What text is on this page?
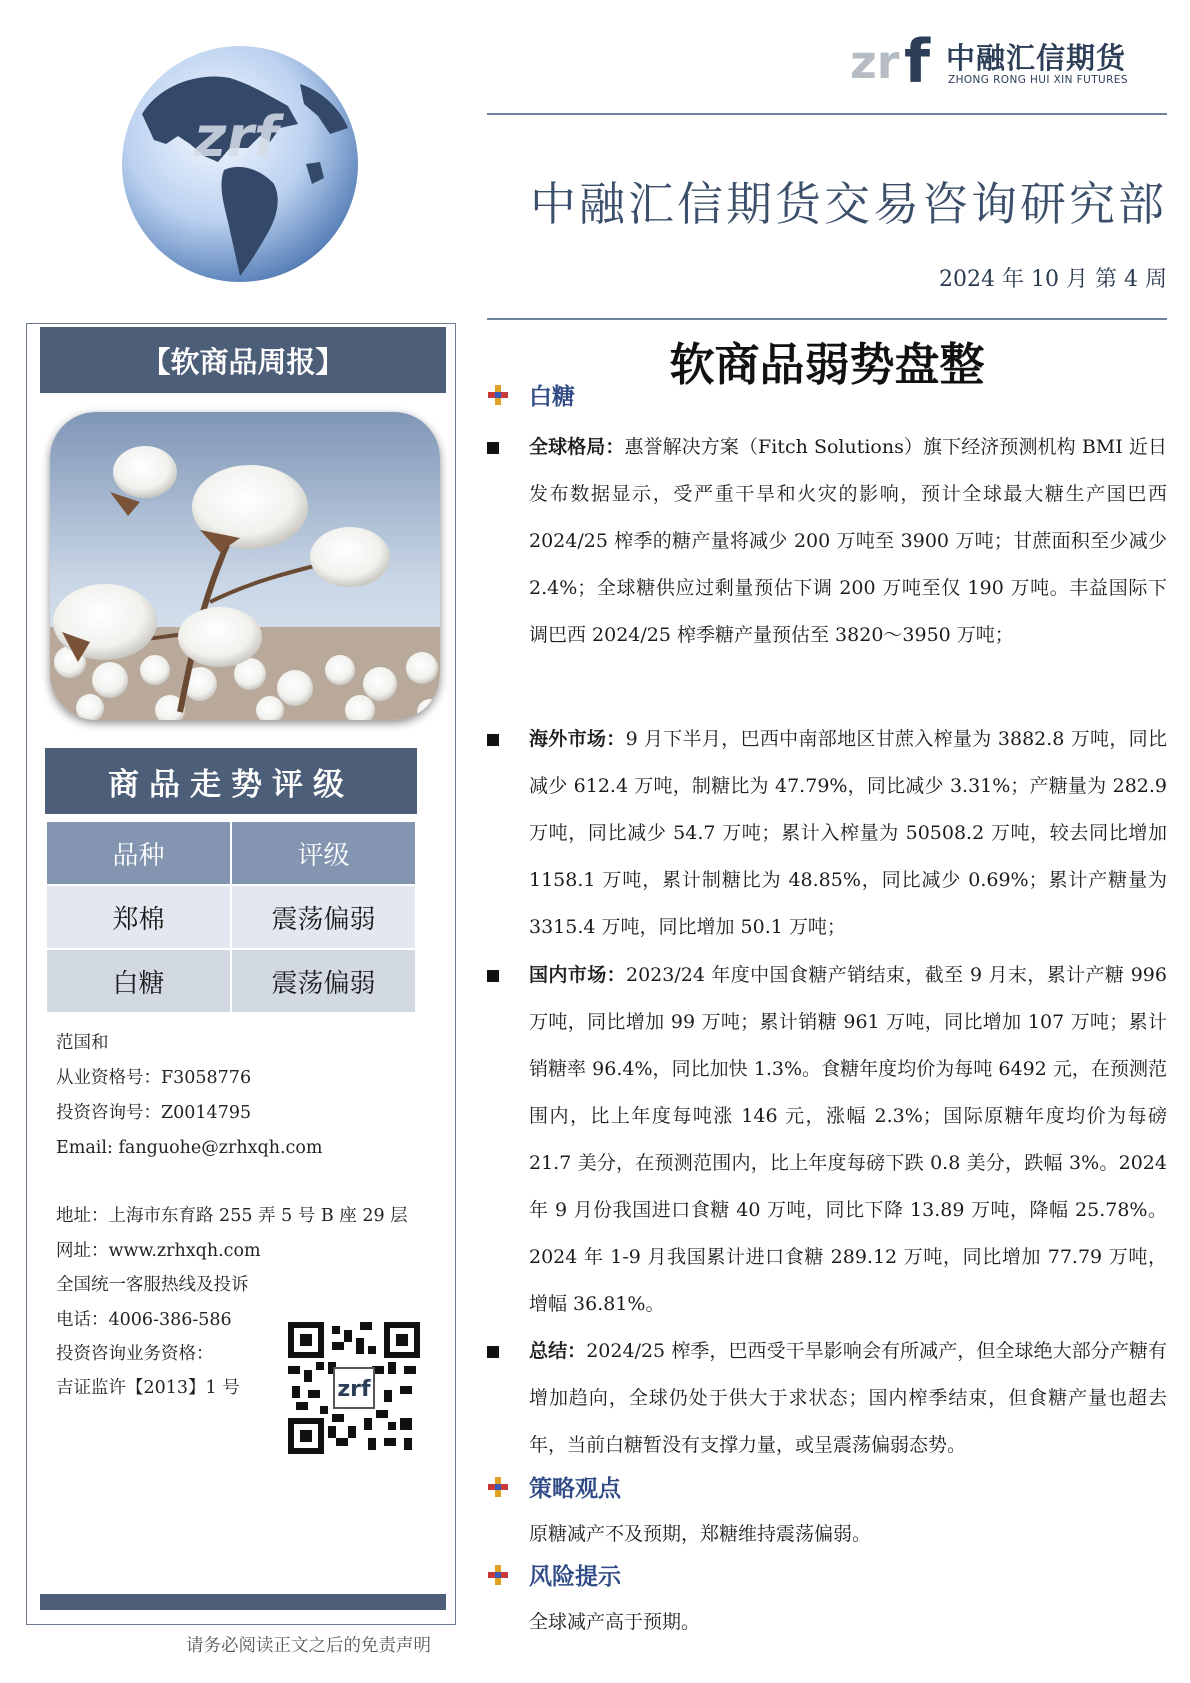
zrf
zr f 中融汇信期货
ZHONG RONG HUI XIN FUTURES
中融汇信期货交易咨询研究部
2024 年 10 月 第 4 周
【软商品周报】
商品走势评级
品种	评级
郑棉	震荡偏弱
白糖	震荡偏弱
范国和
从业资格号：F3058776
投资咨询号：Z0014795
Email: fanguohe@zrhxqh.com
地址：上海市东育路 255 弄 5 号 B 座 29 层
网址：www.zrhxqh.com
全国统一客服热线及投诉
电话：4006-386-586
投资咨询业务资格：
吉证监许【2013】1 号	zrf
请务必阅读正文之后的免责声明
软商品弱势盘整
白糖
全球格局：惠誉解决方案（Fitch Solutions）旗下经济预测机构 BMI 近日发布数据显示，受严重干旱和火灾的影响，预计全球最大糖生产国巴西 2024/25 榨季的糖产量将减少 200 万吨至 3900 万吨；甘蔗面积至少减少 2.4%；全球糖供应过剩量预估下调 200 万吨至仅 190 万吨。丰益国际下调巴西 2024/25 榨季糖产量预估至 3820～3950 万吨；
海外市场：9 月下半月，巴西中南部地区甘蔗入榨量为 3882.8 万吨，同比减少 612.4 万吨，制糖比为 47.79%，同比减少 3.31%；产糖量为 282.9 万吨，同比减少 54.7 万吨；累计入榨量为 50508.2 万吨，较去同比增加 1158.1 万吨，累计制糖比为 48.85%，同比减少 0.69%；累计产糖量为 3315.4 万吨，同比增加 50.1 万吨；
国内市场：2023/24 年度中国食糖产销结束，截至 9 月末，累计产糖 996 万吨，同比增加 99 万吨；累计销糖 961 万吨，同比增加 107 万吨；累计销糖率 96.4%，同比加快 1.3%。食糖年度均价为每吨 6492 元，在预测范围内，比上年度每吨涨 146 元，涨幅 2.3%；国际原糖年度均价为每磅 21.7 美分，在预测范围内，比上年度每磅下跌 0.8 美分，跌幅 3%。2024 年 9 月份我国进口食糖 40 万吨，同比下降 13.89 万吨，降幅 25.78%。2024 年 1-9 月我国累计进口食糖 289.12 万吨，同比增加 77.79 万吨，增幅 36.81%。
总结：2024/25 榨季，巴西受干旱影响会有所减产，但全球绝大部分产糖有增加趋向，全球仍处于供大于求状态；国内榨季结束，但食糖产量也超去年，当前白糖暂没有支撑力量，或呈震荡偏弱态势。
策略观点
原糖减产不及预期，郑糖维持震荡偏弱。
风险提示
全球减产高于预期。
